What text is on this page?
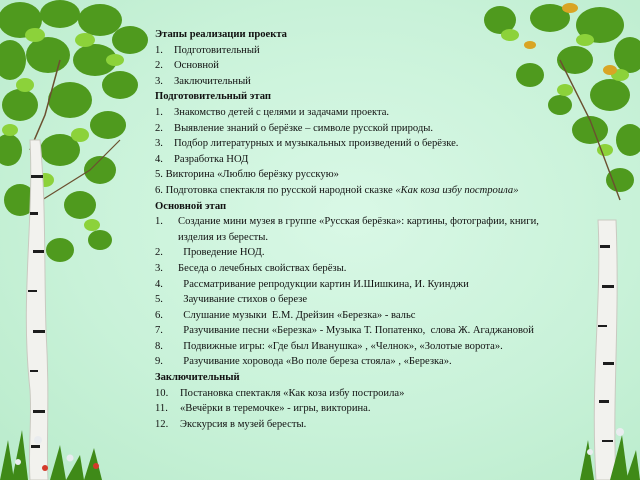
Этапы реализации проекта
1.	Подготовительный
2.	Основной
3.	Заключительный
Подготовительный этап
1.	Знакомство детей с целями и задачами проекта.
2.	Выявление знаний о берёзке – символе русской природы.
3.	Подбор литературных и музыкальных произведений о берёзке.
4.	Разработка НОД
5. Викторина «Люблю берёзку русскую»
6. Подготовка спектакля по русской народной сказке «Как коза избу построила»
Основной этап
1.	Создание мини музея в группе «Русская берёзка»: картины, фотографии, книги, изделия из бересты.
2.	Проведение НОД.
3.	Беседа о лечебных свойствах берёзы.
4.	Рассматривание репродукции картин И.Шишкина, И. Куинджи
5.	Заучивание стихов о березе
6.	Слушание музыки  Е.М. Дрейзин «Березка» - вальс
7.	Разучивание песни «Березка» - Музыка Т. Попатенко,  слова Ж. Агаджановой
8.	Подвижные игры: «Где был Иванушка» , «Челнок», «Золотые ворота».
9.	Разучивание хоровода «Во поле береза стояла» , «Березка».
Заключительный
10.	Постановка спектакля «Как коза избу построила»
11.	«Вечёрки в теремочке» - игры, викторина.
12.	Экскурсия в музей бересты.
